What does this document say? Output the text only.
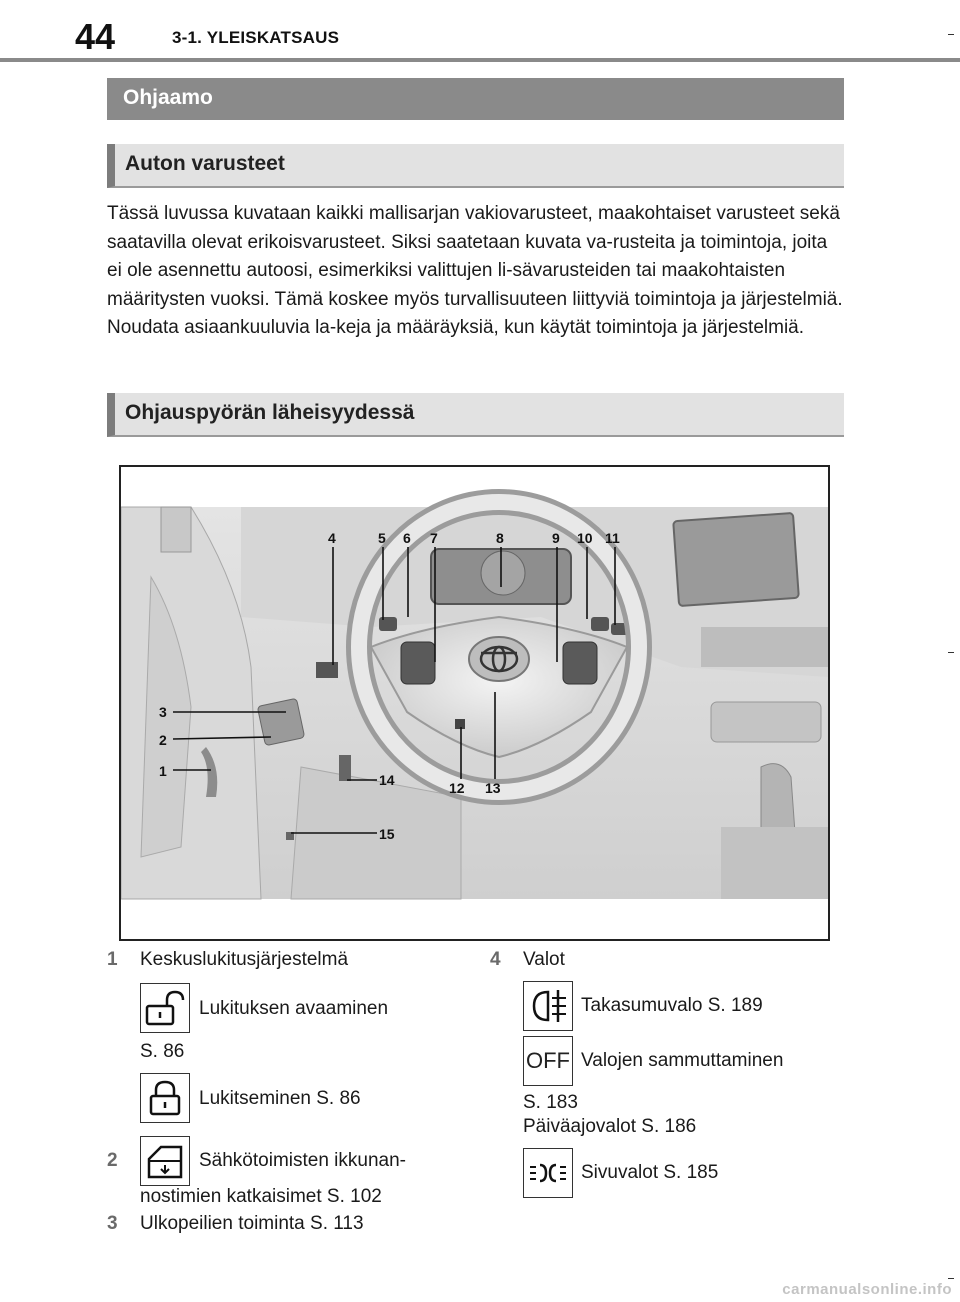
44	3-1. YLEISKATSAUS
Ohjaamo
Auton varusteet

Tässä luvussa kuvataan kaikki mallisarjan vakiovarusteet, maakohtaiset varusteet sekä saatavilla olevat erikoisvarusteet. Siksi saatetaan kuvata va-rusteita ja toimintoja, joita ei ole asennettu autoosi, esimerkiksi valittujen li-sävarusteiden tai maakohtaisten määritysten vuoksi. Tämä koskee myös turvallisuuteen liittyviä toimintoja ja järjestelmiä. Noudata asiaankuuluvia la-keja ja määräyksiä, kun käytät toimintoja ja järjestelmiä.

Ohjauspyörän läheisyydessä
4	5 6 7	8	9 10 11
3
2
1
14	12 13
15
1 Keskuslukitusjärjestelmä
Lukituksen avaaminen
S. 86
Lukitseminen S. 86
2	Sähkötoimisten ikkunan-
nostimien katkaisimet S. 102
3 Ulkopeilien toiminta S. 113
4 Valot
Takasumuvalo S. 189
OFF Valojen sammuttaminen
S. 183
Päiväajovalot S. 186
Sivuvalot S. 185
carmanualsonline.info
